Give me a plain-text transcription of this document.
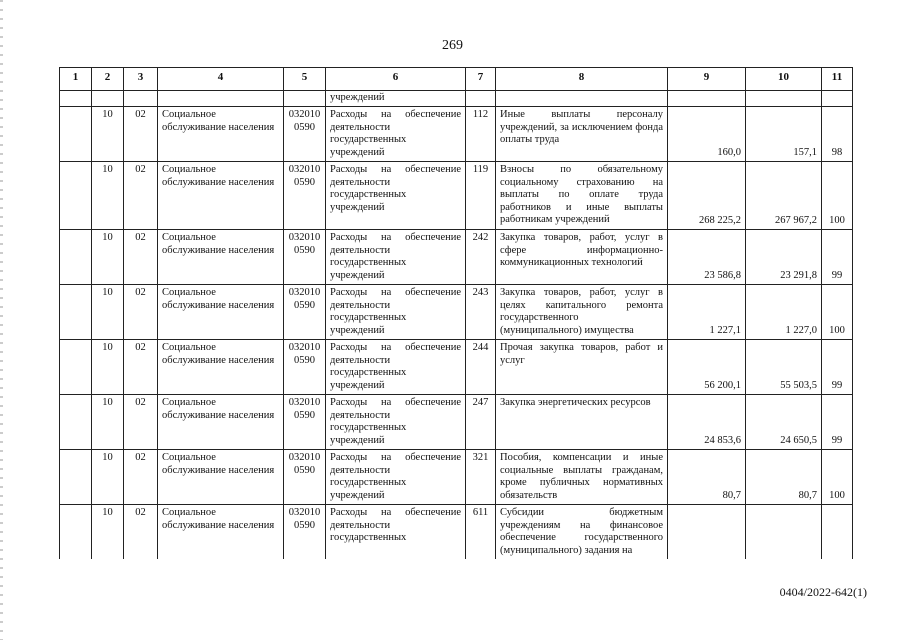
269
1	2	3	4	5	6	7	8	9	10	11
					учреждений					
	10	02	Социальное обслуживание населения	032010 0590	Расходы на обеспечение деятельности государственных учреждений	112	Иные выплаты персоналу учреждений, за исключением фонда оплаты труда	160,0	157,1	98
	10	02	Социальное обслуживание населения	032010 0590	Расходы на обеспечение деятельности государственных учреждений	119	Взносы по обязательному социальному страхованию на выплаты по оплате труда работников и иные выплаты работникам учреждений	268 225,2	267 967,2	100
	10	02	Социальное обслуживание населения	032010 0590	Расходы на обеспечение деятельности государственных учреждений	242	Закупка товаров, работ, услуг в сфере информационно-коммуникационных технологий	23 586,8	23 291,8	99
	10	02	Социальное обслуживание населения	032010 0590	Расходы на обеспечение деятельности государственных учреждений	243	Закупка товаров, работ, услуг в целях капитального ремонта государственного (муниципального) имущества	1 227,1	1 227,0	100
	10	02	Социальное обслуживание населения	032010 0590	Расходы на обеспечение деятельности государственных учреждений	244	Прочая закупка товаров, работ и услуг	56 200,1	55 503,5	99
	10	02	Социальное обслуживание населения	032010 0590	Расходы на обеспечение деятельности государственных учреждений	247	Закупка энергетических ресурсов	24 853,6	24 650,5	99
	10	02	Социальное обслуживание населения	032010 0590	Расходы на обеспечение деятельности государственных учреждений	321	Пособия, компенсации и иные социальные выплаты гражданам, кроме публичных нормативных обязательств	80,7	80,7	100
	10	02	Социальное обслуживание населения	032010 0590	Расходы на обеспечение деятельности государственных	611	Субсидии бюджетным учреждениям на финансовое обеспечение государственного (муниципального) задания на			
0404/2022-642(1)
